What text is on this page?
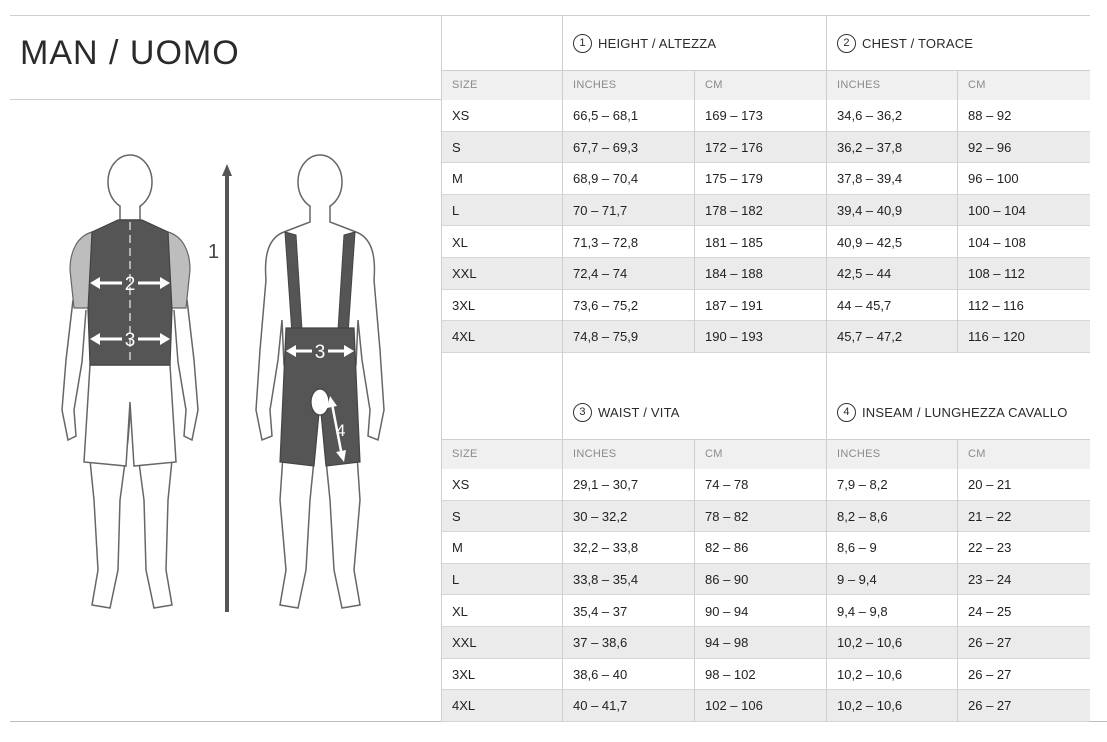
MAN / UOMO
2
3
1
3
4
1 HEIGHT / ALTEZZA	2 CHEST / TORACE
SIZE	INCHES	CM	INCHES	CM
XS	66,5 – 68,1	169 – 173	34,6 – 36,2	88 – 92
S	67,7 – 69,3	172 – 176	36,2 – 37,8	92 – 96
M	68,9 – 70,4	175 – 179	37,8 – 39,4	96 – 100
L	70 – 71,7	178 – 182	39,4 – 40,9	100 – 104
XL	71,3 – 72,8	181 – 185	40,9 – 42,5	104 – 108
XXL	72,4 – 74	184 – 188	42,5 – 44	108 – 112
3XL	73,6 – 75,2	187 – 191	44 – 45,7	112 – 116
4XL	74,8 – 75,9	190 – 193	45,7 – 47,2	116 – 120
3 WAIST / VITA	4 INSEAM / LUNGHEZZA CAVALLO
SIZE	INCHES	CM	INCHES	CM
XS	29,1 – 30,7	74 – 78	7,9 – 8,2	20 – 21
S	30 – 32,2	78 – 82	8,2 – 8,6	21 – 22
M	32,2 – 33,8	82 – 86	8,6 – 9	22 – 23
L	33,8 – 35,4	86 – 90	9 – 9,4	23 – 24
XL	35,4 – 37	90 – 94	9,4 – 9,8	24 – 25
XXL	37 – 38,6	94 – 98	10,2 – 10,6	26 – 27
3XL	38,6 – 40	98 – 102	10,2 – 10,6	26 – 27
4XL	40 – 41,7	102 – 106	10,2 – 10,6	26 – 27
